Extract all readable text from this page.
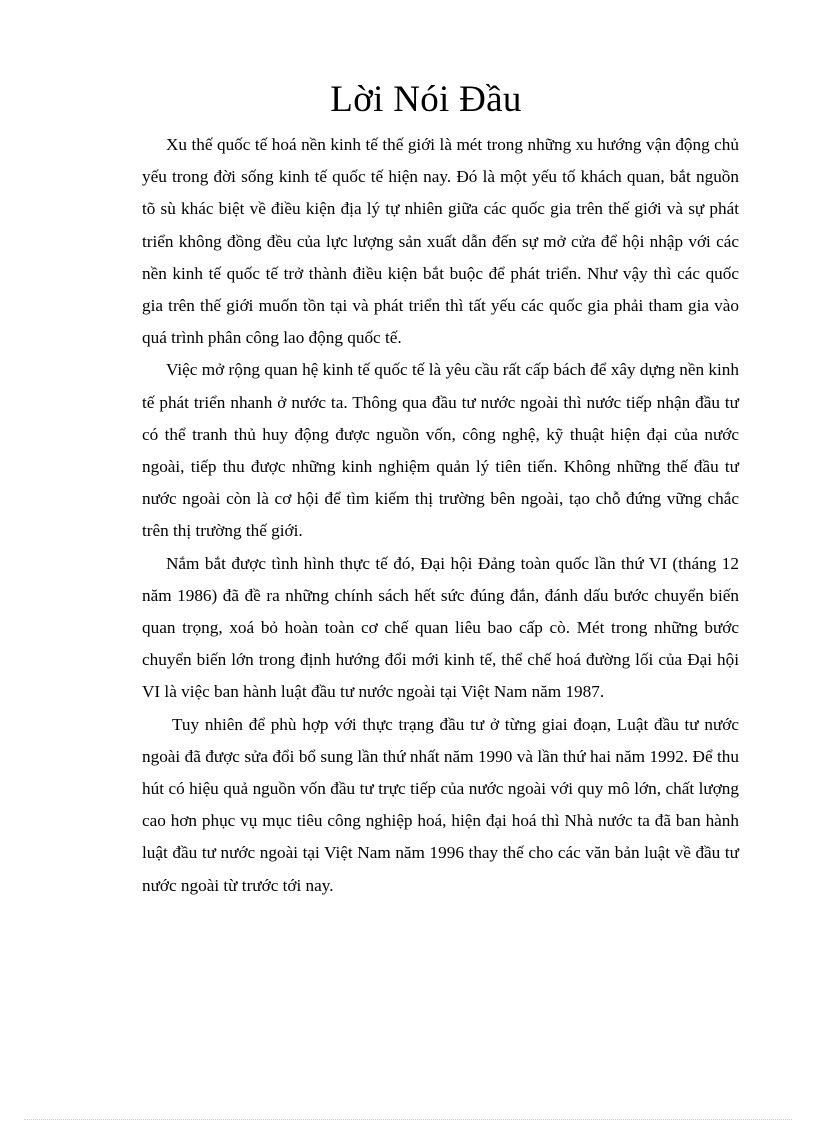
Lời Nói Đầu

Xu thế quốc tế hoá nền kinh tế thế giới là mét trong những xu hướng vận động chủ yếu trong đời sống kinh tế quốc tế hiện nay. Đó là một yếu tố khách quan, bắt nguồn tõ sù khác biệt về điều kiện địa lý tự nhiên giữa các quốc gia trên thế giới và sự phát triển không đồng đều của lực lượng sản xuất dẫn đến sự mở cửa để hội nhập với các nền kinh tế quốc tế trở thành điều kiện bắt buộc để phát triển. Như vậy thì các quốc gia trên thế giới muốn tồn tại và phát triển thì tất yếu các quốc gia phải tham gia vào quá trình phân công lao động quốc tế.

Việc mở rộng quan hệ kinh tế quốc tế là yêu cầu rất cấp bách để xây dựng nền kinh tế phát triển nhanh ở nước ta. Thông qua đầu tư nước ngoài thì nước tiếp nhận đầu tư có thể tranh thủ huy động được nguồn vốn, công nghệ, kỹ thuật hiện đại của nước ngoài, tiếp thu được những kinh nghiệm quản lý tiên tiến. Không những thế đầu tư nước ngoài còn là cơ hội để tìm kiếm thị trường bên ngoài, tạo chỗ đứng vững chắc trên thị trường thế giới.

Nắm bắt được tình hình thực tế đó, Đại hội Đảng toàn quốc lần thứ VI (tháng 12 năm 1986) đã đề ra những chính sách hết sức đúng đắn, đánh dấu bước chuyển biến quan trọng, xoá bỏ hoàn toàn cơ chế quan liêu bao cấp cò. Mét trong những bước chuyển biến lớn trong định hướng đổi mới kinh tế, thể chế hoá đường lối của Đại hội VI là việc ban hành luật đầu tư nước ngoài tại Việt Nam năm 1987.

Tuy nhiên để phù hợp với thực trạng đầu tư ở từng giai đoạn, Luật đầu tư nước ngoài đã được sửa đổi bổ sung lần thứ nhất năm 1990 và lần thứ hai năm 1992. Để thu hút có hiệu quả nguồn vốn đầu tư trực tiếp của nước ngoài với quy mô lớn, chất lượng cao hơn phục vụ mục tiêu công nghiệp hoá, hiện đại hoá thì Nhà nước ta đã ban hành luật đầu tư nước ngoài tại Việt Nam năm 1996 thay thế cho các văn bản luật về đầu tư nước ngoài từ trước tới nay.
